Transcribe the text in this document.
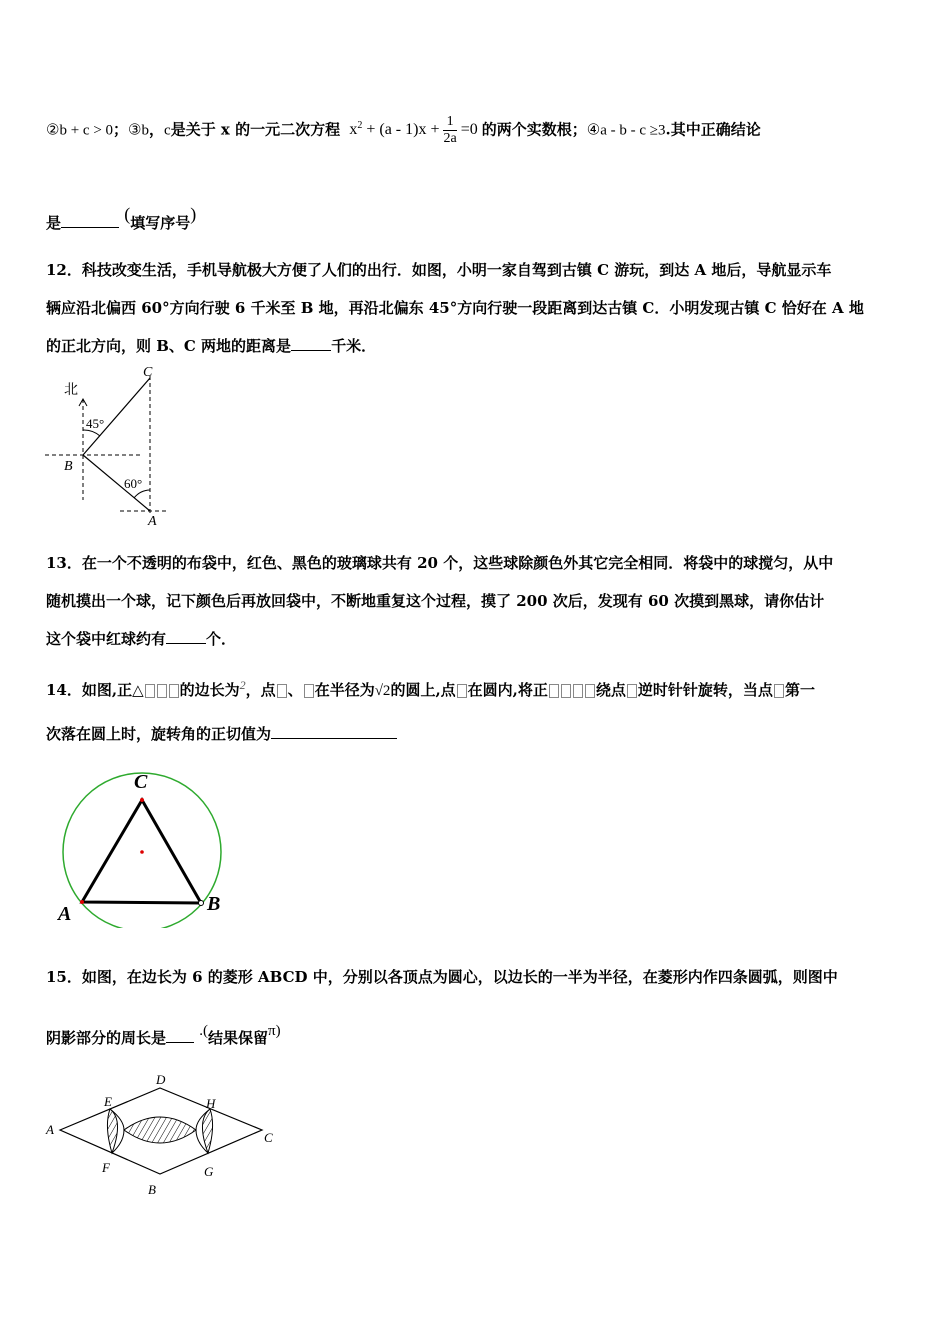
②b + c > 0；③b，c是关于 x 的一元二次方程 $x^2 + (a - 1)x + \frac{1}{2a} =0$ 的两个实数根；④a - b - c ≥3.其中正确结论
是	(填写序号)
12．科技改变生活，手机导航极大方便了人们的出行．如图，小明一家自驾到古镇 C 游玩，到达 A 地后，导航显示车
辆应沿北偏西 60°方向行驶 6 千米至 B 地，再沿北偏东 45°方向行驶一段距离到达古镇 C．小明发现古镇 C 恰好在 A 地
的正北方向，则 B、C 两地的距离是	千米．
北
45°
60°
B
C
A
13．在一个不透明的布袋中，红色、黑色的玻璃球共有 20 个，这些球除颜色外其它完全相同．将袋中的球搅匀，从中
随机摸出一个球，记下颜色后再放回袋中，不断地重复这个过程，摸了 200 次后，发现有 60 次摸到黑球，请你估计
这个袋中红球约有	个．
14．如图,正△ 的边长为$^2$，点 、 在半径为√2的圆上,点 在圆内,将正	绕点 逆时针针旋转，当点 第一
次落在圆上时，旋转角的正切值为
C
A	B
15．如图，在边长为 6 的菱形 ABCD 中，分别以各顶点为圆心，以边长的一半为半径，在菱形内作四条圆弧，则图中
阴影部分的周长是 .(结果保留π)
A
D
C
B
E
F	G
H
